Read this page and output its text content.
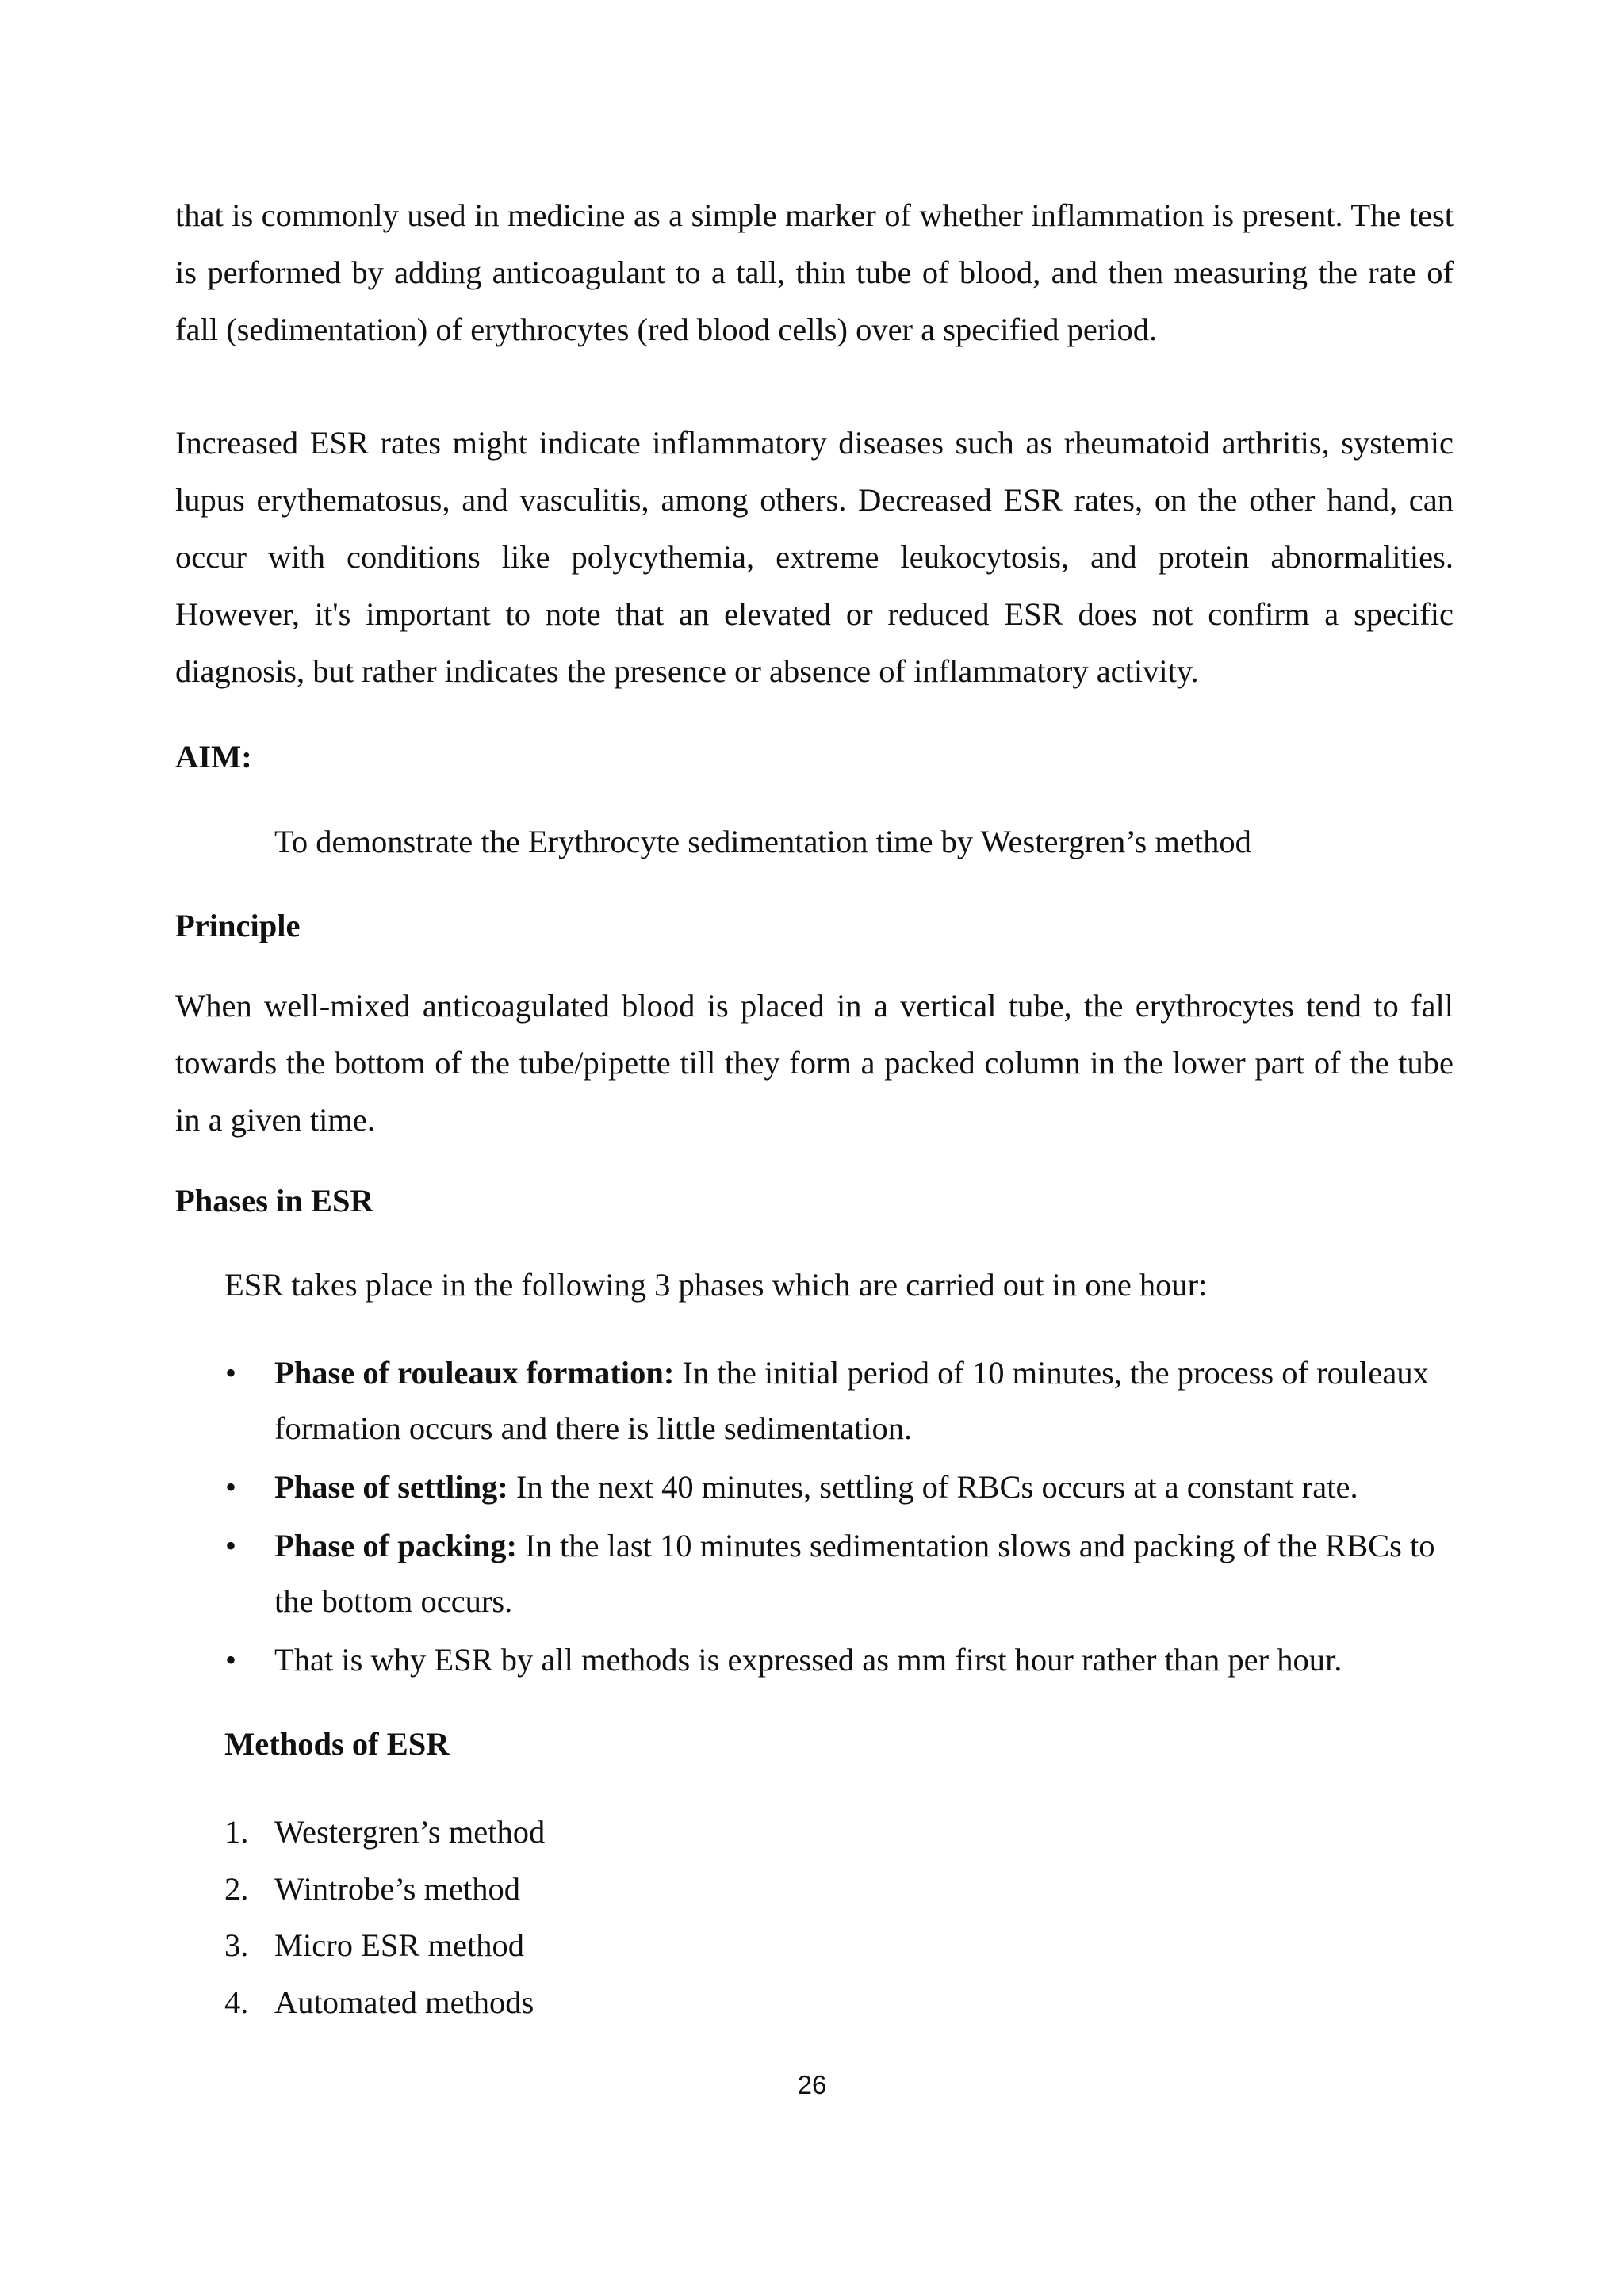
that is commonly used in medicine as a simple marker of whether inflammation is present. The test is performed by adding anticoagulant to a tall, thin tube of blood, and then measuring the rate of fall (sedimentation) of erythrocytes (red blood cells) over a specified period.

Increased ESR rates might indicate inflammatory diseases such as rheumatoid arthritis, systemic lupus erythematosus, and vasculitis, among others. Decreased ESR rates, on the other hand, can occur with conditions like polycythemia, extreme leukocytosis, and protein abnormalities. However, it's important to note that an elevated or reduced ESR does not confirm a specific diagnosis, but rather indicates the presence or absence of inflammatory activity.

AIM:
To demonstrate the Erythrocyte sedimentation time by Westergren’s method
Principle

When well-mixed anticoagulated blood is placed in a vertical tube, the erythrocytes tend to fall towards the bottom of the tube/pipette till they form a packed column in the lower part of the tube in a given time.

Phases in ESR
ESR takes place in the following 3 phases which are carried out in one hour:
• Phase of rouleaux formation: In the initial period of 10 minutes, the process of rouleaux formation occurs and there is little sedimentation.
• Phase of settling: In the next 40 minutes, settling of RBCs occurs at a constant rate.
• Phase of packing: In the last 10 minutes sedimentation slows and packing of the RBCs to the bottom occurs.
• That is why ESR by all methods is expressed as mm first hour rather than per hour.
Methods of ESR
1. Westergren’s method
2. Wintrobe’s method
3. Micro ESR method
4. Automated methods
26
